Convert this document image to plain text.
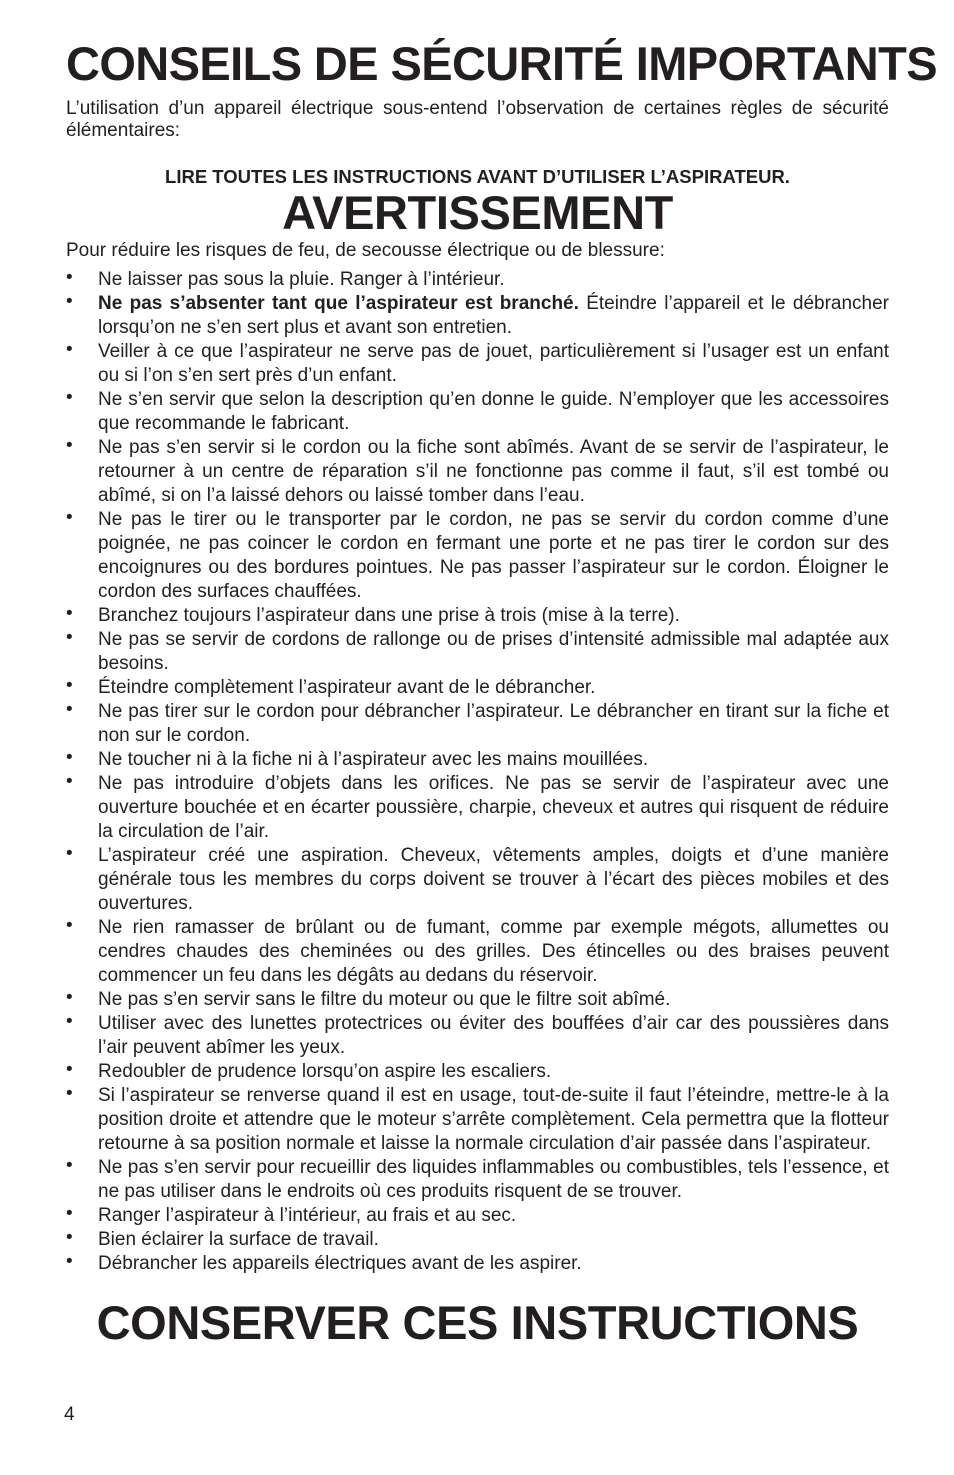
CONSEILS DE SÉCURITÉ IMPORTANTS

L’utilisation d’un appareil électrique sous-entend l’observation de certaines règles de sécurité élémentaires:

LIRE TOUTES LES INSTRUCTIONS AVANT D’UTILISER L’ASPIRATEUR.

AVERTISSEMENT

Pour réduire les risques de feu, de secousse électrique ou de blessure:

• Ne laisser pas sous la pluie. Ranger à l’intérieur.
• Ne pas s’absenter tant que l’aspirateur est branché. Éteindre l’appareil et le débrancher lorsqu’on ne s’en sert plus et avant son entretien.
• Veiller à ce que l’aspirateur ne serve pas de jouet, particulièrement si l’usager est un enfant ou si l’on s’en sert près d’un enfant.
• Ne s’en servir que selon la description qu’en donne le guide. N’employer que les accessoires que recommande le fabricant.
• Ne pas s’en servir si le cordon ou la fiche sont abîmés. Avant de se servir de l’aspirateur, le retourner à un centre de réparation s’il ne fonctionne pas comme il faut, s’il est tombé ou abîmé, si on l’a laissé dehors ou laissé tomber dans l’eau.
• Ne pas le tirer ou le transporter par le cordon, ne pas se servir du cordon comme d’une poignée, ne pas coincer le cordon en fermant une porte et ne pas tirer le cordon sur des encoignures ou des bordures pointues. Ne pas passer l’aspirateur sur le cordon. Éloigner le cordon des surfaces chauffées.
• Branchez toujours l’aspirateur dans une prise à trois (mise à la terre).
• Ne pas se servir de cordons de rallonge ou de prises d’intensité admissible mal adaptée aux besoins.
• Éteindre complètement l’aspirateur avant de le débrancher.
• Ne pas tirer sur le cordon pour débrancher l’aspirateur. Le débrancher en tirant sur la fiche et non sur le cordon.
• Ne toucher ni à la fiche ni à l’aspirateur avec les mains mouillées.
• Ne pas introduire d’objets dans les orifices. Ne pas se servir de l’aspirateur avec une ouverture bouchée et en écarter poussière, charpie, cheveux et autres qui risquent de réduire la circulation de l’air.
• L’aspirateur créé une aspiration. Cheveux, vêtements amples, doigts et d’une manière générale tous les membres du corps doivent se trouver à l’écart des pièces mobiles et des ouvertures.
• Ne rien ramasser de brûlant ou de fumant, comme par exemple mégots, allumettes ou cendres chaudes des cheminées ou des grilles. Des étincelles ou des braises peuvent commencer un feu dans les dégâts au dedans du réservoir.
• Ne pas s’en servir sans le filtre du moteur ou que le filtre soit abîmé.
• Utiliser avec des lunettes protectrices ou éviter des bouffées d’air car des poussières dans l’air peuvent abîmer les yeux.
• Redoubler de prudence lorsqu’on aspire les escaliers.
• Si l’aspirateur se renverse quand il est en usage, tout-de-suite il faut l’éteindre, mettre-le à la position droite et attendre que le moteur s’arrête complètement. Cela permettra que la flotteur retourne à sa position normale et laisse la normale circulation d’air passée dans l’aspirateur.
• Ne pas s’en servir pour recueillir des liquides inflammables ou combustibles, tels l’essence, et ne pas utiliser dans le endroits où ces produits risquent de se trouver.
• Ranger l’aspirateur à l’intérieur, au frais et au sec.
• Bien éclairer la surface de travail.
• Débrancher les appareils électriques avant de les aspirer.
CONSERVER CES INSTRUCTIONS
4
